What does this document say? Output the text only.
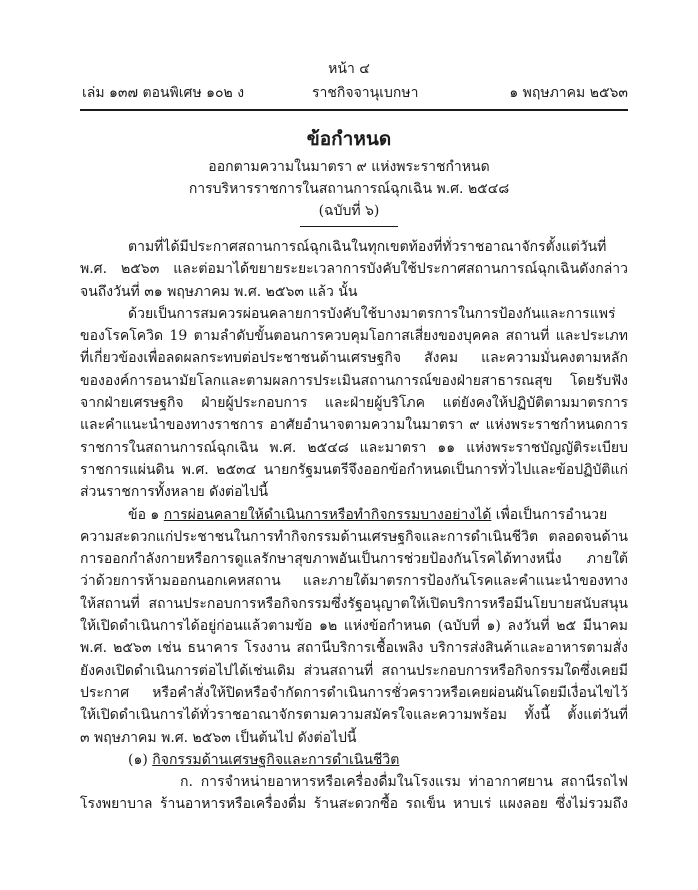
หน้า ๔
เล่ม ๑๓๗ ตอนพิเศษ ๑๐๒ ง	ราชกิจจานุเบกษา	๑ พฤษภาคม ๒๕๖๓
ข้อกำหนด
ออกตามความในมาตรา ๙ แห่งพระราชกำหนด
การบริหารราชการในสถานการณ์ฉุกเฉิน พ.ศ. ๒๕๔๘
(ฉบับที่ ๖)
ตามที่ได้มีประกาศสถานการณ์ฉุกเฉินในทุกเขตท้องที่ทั่วราชอาณาจักรตั้งแต่วันที่
พ.ศ. ๒๕๖๓ และต่อมาได้ขยายระยะเวลาการบังคับใช้ประกาศสถานการณ์ฉุกเฉินดังกล่าว
จนถึงวันที่ ๓๑ พฤษภาคม พ.ศ. ๒๕๖๓ แล้ว นั้น
ด้วยเป็นการสมควรผ่อนคลายการบังคับใช้บางมาตรการในการป้องกันและการแพร่
ของโรคโควิด 19 ตามลำดับขั้นตอนการควบคุมโอกาสเสี่ยงของบุคคล สถานที่ และประเภท
ที่เกี่ยวข้องเพื่อลดผลกระทบต่อประชาชนด้านเศรษฐกิจ สังคม และความมั่นคงตามหลัก
ขององค์การอนามัยโลกและตามผลการประเมินสถานการณ์ของฝ่ายสาธารณสุข โดยรับฟัง
จากฝ่ายเศรษฐกิจ ฝ่ายผู้ประกอบการ และฝ่ายผู้บริโภค แต่ยังคงให้ปฏิบัติตามมาตรการ
และคำแนะนำของทางราชการ อาศัยอำนาจตามความในมาตรา ๙ แห่งพระราชกำหนดการ
ราชการในสถานการณ์ฉุกเฉิน พ.ศ. ๒๕๔๘ และมาตรา ๑๑ แห่งพระราชบัญญัติระเบียบ
ราชการแผ่นดิน พ.ศ. ๒๕๓๔ นายกรัฐมนตรีจึงออกข้อกำหนดเป็นการทั่วไปและข้อปฏิบัติแก่
ส่วนราชการทั้งหลาย ดังต่อไปนี้
ข้อ ๑ การผ่อนคลายให้ดำเนินการหรือทำกิจกรรมบางอย่างได้ เพื่อเป็นการอำนวย
ความสะดวกแก่ประชาชนในการทำกิจกรรมด้านเศรษฐกิจและการดำเนินชีวิต ตลอดจนด้าน
การออกกำลังกายหรือการดูแลรักษาสุขภาพอันเป็นการช่วยป้องกันโรคได้ทางหนึ่ง ภายใต้
ว่าด้วยการห้ามออกนอกเคหสถาน และภายใต้มาตรการป้องกันโรคและคำแนะนำของทาง
ให้สถานที่ สถานประกอบการหรือกิจกรรมซึ่งรัฐอนุญาตให้เปิดบริการหรือมีนโยบายสนับสนุน
ให้เปิดดำเนินการได้อยู่ก่อนแล้วตามข้อ ๑๒ แห่งข้อกำหนด (ฉบับที่ ๑) ลงวันที่ ๒๕ มีนาคม
พ.ศ. ๒๕๖๓ เช่น ธนาคาร โรงงาน สถานีบริการเชื้อเพลิง บริการส่งสินค้าและอาหารตามสั่ง
ยังคงเปิดดำเนินการต่อไปได้เช่นเดิม ส่วนสถานที่ สถานประกอบการหรือกิจกรรมใดซึ่งเคยมี
ประกาศ หรือคำสั่งให้ปิดหรือจำกัดการดำเนินการชั่วคราวหรือเคยผ่อนผันโดยมีเงื่อนไขไว้
ให้เปิดดำเนินการได้ทั่วราชอาณาจักรตามความสมัครใจและความพร้อม ทั้งนี้ ตั้งแต่วันที่
๓ พฤษภาคม พ.ศ. ๒๕๖๓ เป็นต้นไป ดังต่อไปนี้
(๑) กิจกรรมด้านเศรษฐกิจและการดำเนินชีวิต
ก. การจำหน่ายอาหารหรือเครื่องดื่มในโรงแรม ท่าอากาศยาน สถานีรถไฟ
โรงพยาบาล ร้านอาหารหรือเครื่องดื่ม ร้านสะดวกซื้อ รถเข็น หาบเร่ แผงลอย ซึ่งไม่รวมถึง
